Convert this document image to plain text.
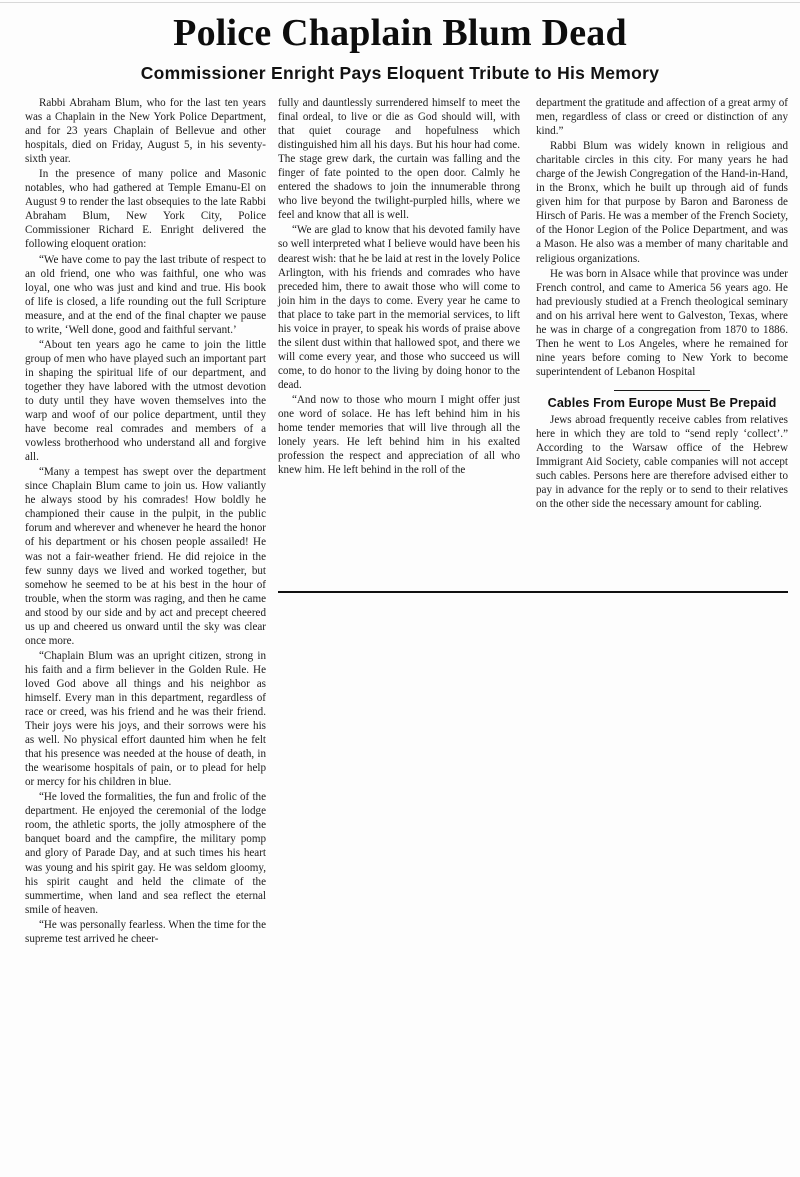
Police Chaplain Blum Dead
Commissioner Enright Pays Eloquent Tribute to His Memory

Rabbi Abraham Blum, who for the last ten years was a Chaplain in the New York Police Department, and for 23 years Chaplain of Bellevue and other hospitals, died on Friday, August 5, in his seventy-sixth year.

In the presence of many police and Masonic notables, who had gathered at Temple Emanu-El on August 9 to render the last obsequies to the late Rabbi Abraham Blum, New York City, Police Commissioner Richard E. Enright delivered the following eloquent oration:

“We have come to pay the last tribute of respect to an old friend, one who was faithful, one who was loyal, one who was just and kind and true. His book of life is closed, a life rounding out the full Scripture measure, and at the end of the final chapter we pause to write, ‘Well done, good and faithful servant.’

“About ten years ago he came to join the little group of men who have played such an important part in shaping the spiritual life of our department, and together they have labored with the utmost devotion to duty until they have woven themselves into the warp and woof of our police department, until they have become real comrades and members of a vowless brotherhood who understand all and forgive all.

“Many a tempest has swept over the department since Chaplain Blum came to join us. How valiantly he always stood by his comrades! How boldly he championed their cause in the pulpit, in the public forum and wherever and whenever he heard the honor of his department or his chosen people assailed! He was not a fair-weather friend. He did rejoice in the few sunny days we lived and worked together, but somehow he seemed to be at his best in the hour of trouble, when the storm was raging, and then he came and stood by our side and by act and precept cheered us up and cheered us onward until the sky was clear once more.

“Chaplain Blum was an upright citizen, strong in his faith and a firm believer in the Golden Rule. He loved God above all things and his neighbor as himself. Every man in this department, regardless of race or creed, was his friend and he was their friend. Their joys were his joys, and their sorrows were his as well. No physical effort daunted him when he felt that his presence was needed at the house of death, in the wearisome hospitals of pain, or to plead for help or mercy for his children in blue.

“He loved the formalities, the fun and frolic of the department. He enjoyed the ceremonial of the lodge room, the athletic sports, the jolly atmosphere of the banquet board and the campfire, the military pomp and glory of Parade Day, and at such times his heart was young and his spirit gay. He was seldom gloomy, his spirit caught and held the climate of the summertime, when land and sea reflect the eternal smile of heaven.

“He was personally fearless. When the time for the supreme test arrived he cheer-

fully and dauntlessly surrendered himself to meet the final ordeal, to live or die as God should will, with that quiet courage and hopefulness which distinguished him all his days. But his hour had come. The stage grew dark, the curtain was falling and the finger of fate pointed to the open door. Calmly he entered the shadows to join the innumerable throng who live beyond the twilight-purpled hills, where we feel and know that all is well.

“We are glad to know that his devoted family have so well interpreted what I believe would have been his dearest wish: that he be laid at rest in the lovely Police Arlington, with his friends and comrades who have preceded him, there to await those who will come to join him in the days to come. Every year he came to that place to take part in the memorial services, to lift his voice in prayer, to speak his words of praise above the silent dust within that hallowed spot, and there we will come every year, and those who succeed us will come, to do honor to the living by doing honor to the dead.

“And now to those who mourn I might offer just one word of solace. He has left behind him in his home tender memories that will live through all the lonely years. He left behind him in his exalted profession the respect and appreciation of all who knew him. He left behind in the roll of the

department the gratitude and affection of a great army of men, regardless of class or creed or distinction of any kind.”

Rabbi Blum was widely known in religious and charitable circles in this city. For many years he had charge of the Jewish Congregation of the Hand-in-Hand, in the Bronx, which he built up through aid of funds given him for that purpose by Baron and Baroness de Hirsch of Paris. He was a member of the French Society, of the Honor Legion of the Police Department, and was a Mason. He also was a member of many charitable and religious organizations.

He was born in Alsace while that province was under French control, and came to America 56 years ago. He had previously studied at a French theological seminary and on his arrival here went to Galveston, Texas, where he was in charge of a congregation from 1870 to 1886. Then he went to Los Angeles, where he remained for nine years before coming to New York to become superintendent of Lebanon Hospital

Cables From Europe Must Be Prepaid

Jews abroad frequently receive cables from relatives here in which they are told to “send reply ‘collect’.” According to the Warsaw office of the Hebrew Immigrant Aid Society, cable companies will not accept such cables. Persons here are therefore advised either to pay in advance for the reply or to send to their relatives on the other side the necessary amount for cabling.
